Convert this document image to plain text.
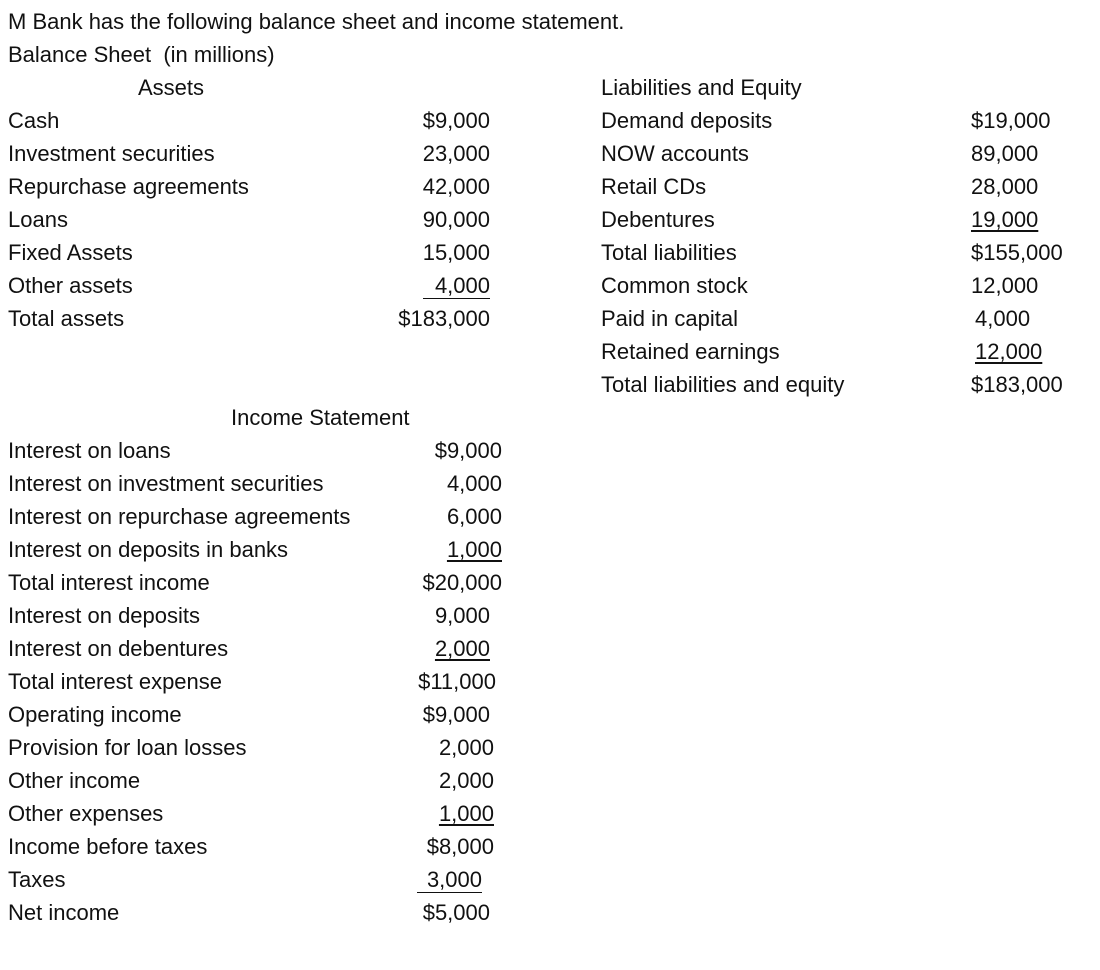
M Bank has the following balance sheet and income statement.
Balance Sheet  (in millions)
Assets
Cash	$9,000
Investment securities	23,000
Repurchase agreements	42,000
Loans	90,000
Fixed Assets	15,000
Other assets	4,000
Total assets	$183,000
Liabilities and Equity
Demand deposits	$19,000
NOW accounts	89,000
Retail CDs	28,000
Debentures	19,000
Total liabilities	$155,000
Common stock	12,000
Paid in capital	4,000
Retained earnings	12,000
Total liabilities and equity	$183,000
Income Statement
Interest on loans	$9,000
Interest on investment securities	4,000
Interest on repurchase agreements	6,000
Interest on deposits in banks	1,000
Total interest income	$20,000
Interest on deposits	9,000
Interest on debentures	2,000
Total interest expense	$11,000
Operating income	$9,000
Provision for loan losses	2,000
Other income	2,000
Other expenses	1,000
Income before taxes	$8,000
Taxes	3,000
Net income	$5,000
